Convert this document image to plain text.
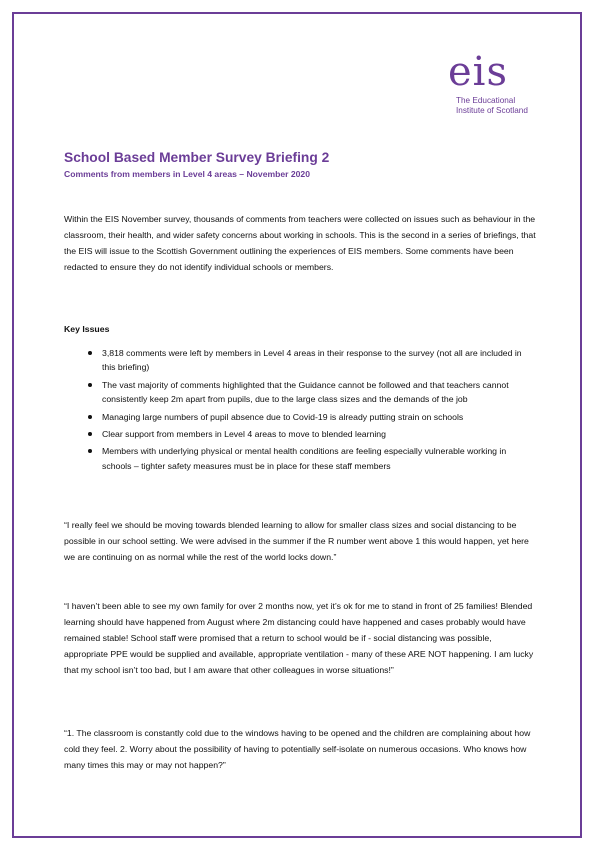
eis
The Educational
Institute of Scotland
School Based Member Survey Briefing 2
Comments from members in Level 4 areas – November 2020

Within the EIS November survey, thousands of comments from teachers were collected on issues such as behaviour in the classroom, their health, and wider safety concerns about working in schools. This is the second in a series of briefings, that the EIS will issue to the Scottish Government outlining the experiences of EIS members. Some comments have been redacted to ensure they do not identify individual schools or members.

Key Issues
3,818 comments were left by members in Level 4 areas in their response to the survey (not all are included in this briefing)
The vast majority of comments highlighted that the Guidance cannot be followed and that teachers cannot consistently keep 2m apart from pupils, due to the large class sizes and the demands of the job
Managing large numbers of pupil absence due to Covid-19 is already putting strain on schools
Clear support from members in Level 4 areas to move to blended learning
Members with underlying physical or mental health conditions are feeling especially vulnerable working in schools – tighter safety measures must be in place for these staff members

“I really feel we should be moving towards blended learning to allow for smaller class sizes and social distancing to be possible in our school setting. We were advised in the summer if the R number went above 1 this would happen, yet here we are continuing on as normal while the rest of the world locks down.”

“I haven’t been able to see my own family for over 2 months now, yet it’s ok for me to stand in front of 25 families! Blended learning should have happened from August where 2m distancing could have happened and cases probably would have remained stable! School staff were promised that a return to school would be if - social distancing was possible, appropriate PPE would be supplied and available, appropriate ventilation - many of these ARE NOT happening. I am lucky that my school isn’t too bad, but I am aware that other colleagues in worse situations!”

“1. The classroom is constantly cold due to the windows having to be opened and the children are complaining about how cold they feel. 2. Worry about the possibility of having to potentially self-isolate on numerous occasions. Who knows how many times this may or may not happen?”
